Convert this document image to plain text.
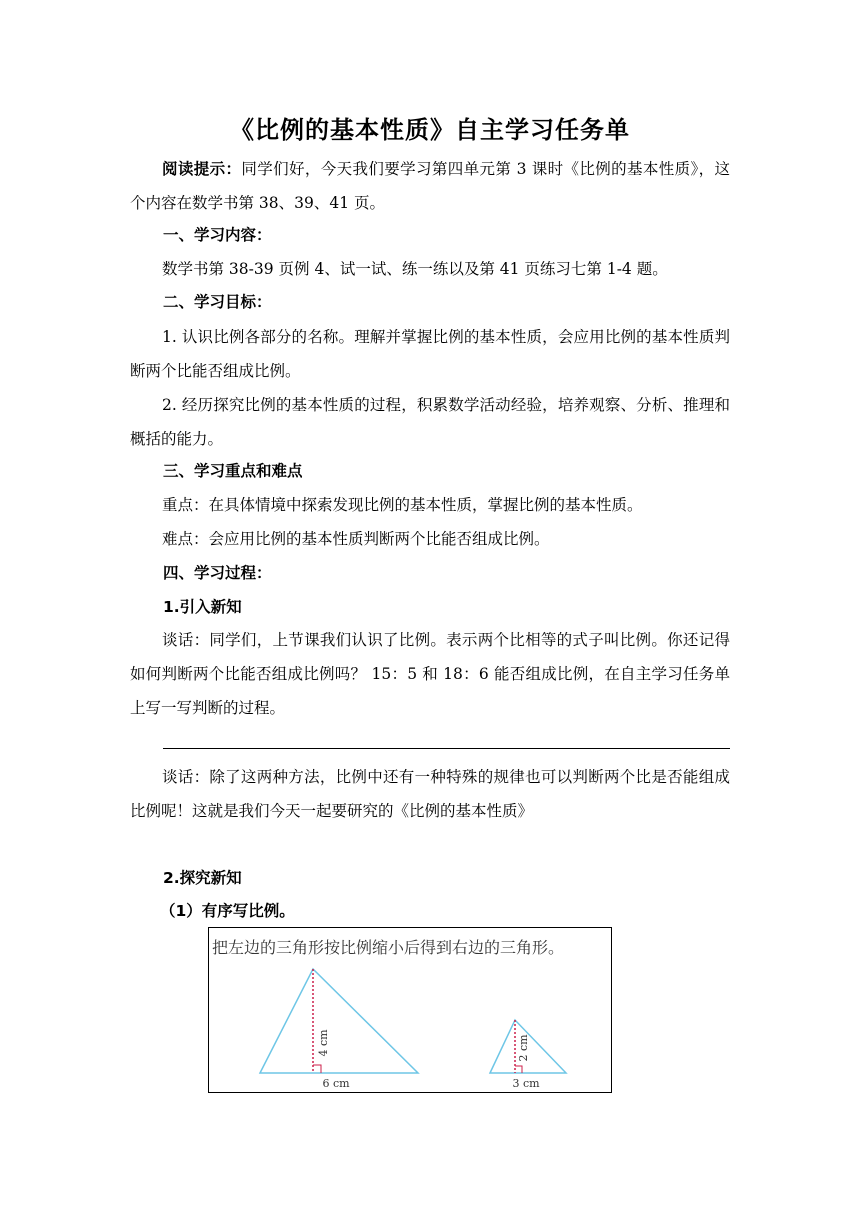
《比例的基本性质》自主学习任务单

阅读提示：同学们好，今天我们要学习第四单元第 3 课时《比例的基本性质》，这个内容在数学书第 38、39、41 页。

一、学习内容：

数学书第 38-39 页例 4、试一试、练一练以及第 41 页练习七第 1-4 题。

二、学习目标：

1. 认识比例各部分的名称。理解并掌握比例的基本性质，会应用比例的基本性质判断两个比能否组成比例。

2. 经历探究比例的基本性质的过程，积累数学活动经验，培养观察、分析、推理和概括的能力。

三、学习重点和难点

重点：在具体情境中探索发现比例的基本性质，掌握比例的基本性质。

难点：会应用比例的基本性质判断两个比能否组成比例。

四、学习过程：

1.引入新知

谈话：同学们，上节课我们认识了比例。表示两个比相等的式子叫比例。你还记得如何判断两个比能否组成比例吗？ 15：5 和 18：6 能否组成比例，在自主学习任务单上写一写判断的过程。

谈话：除了这两种方法，比例中还有一种特殊的规律也可以判断两个比是否能组成比例呢！这就是我们今天一起要研究的《比例的基本性质》

2.探究新知

（1）有序写比例。

把左边的三角形按比例缩小后得到右边的三角形。
4 cm
6 cm
2 cm
3 cm
